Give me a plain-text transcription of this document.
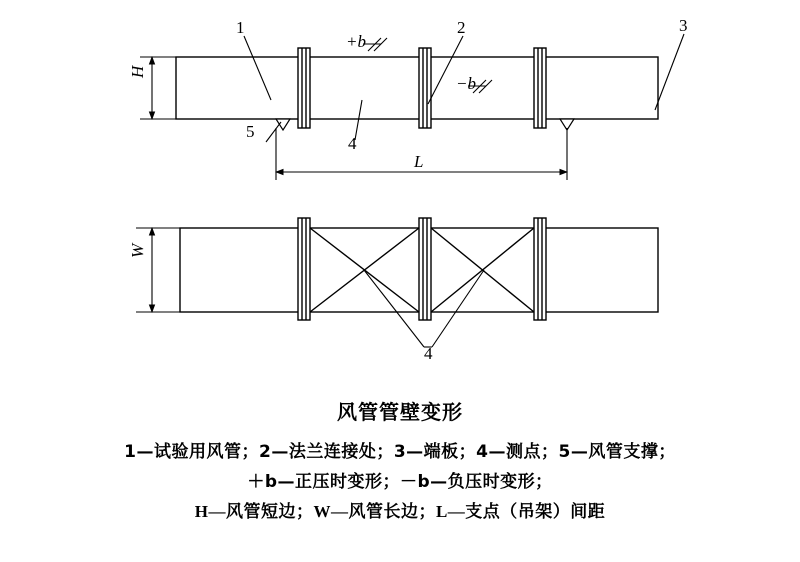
1	2	3
4
5
4
H
W
L
+b
−b
风管管壁变形
1—试验用风管；2—法兰连接处；3—端板；4—测点；5—风管支撑；
＋b—正压时变形；－b—负压时变形；
H—风管短边；W—风管长边；L—支点（吊架）间距
